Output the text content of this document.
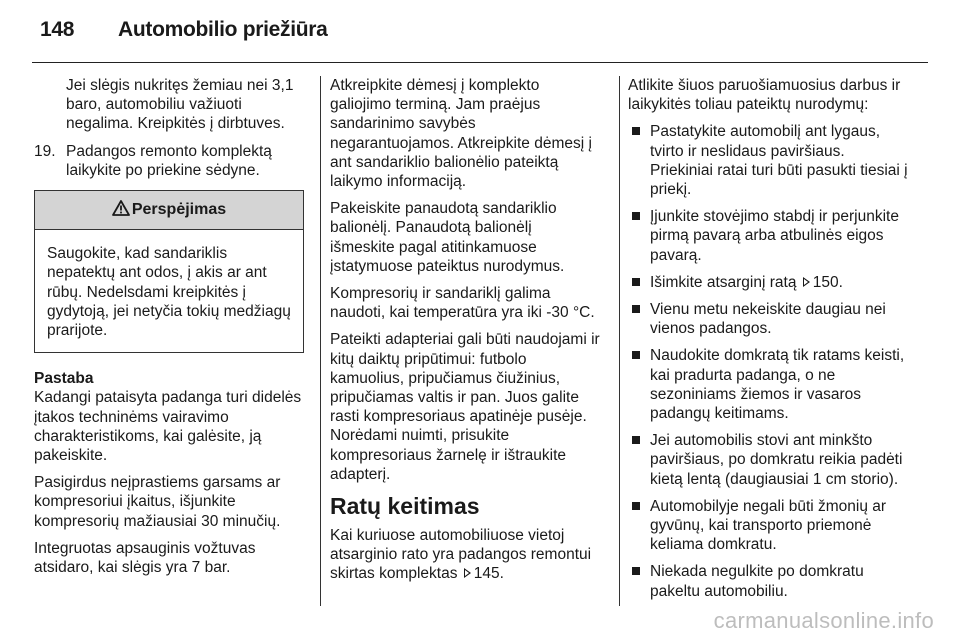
148 Automobilio priežiūra

Jei slėgis nukritęs žemiau nei 3,1 baro, automobiliu važiuoti negalima. Kreipkitės į dirbtuves.

19. Padangos remonto komplektą laikykite po priekine sėdyne.
Perspėjimas
Saugokite, kad sandariklis nepatektų ant odos, į akis ar ant rūbų. Nedelsdami kreipkitės į gydytoją, jei netyčia tokių medžiagų prarijote.
Pastaba

Kadangi pataisyta padanga turi didelės įtakos techninėms vairavimo charakteristikoms, kai galėsite, ją pakeiskite.

Pasigirdus neįprastiems garsams ar kompresoriui įkaitus, išjunkite kompresorių mažiausiai 30 minučių.

Integruotas apsauginis vožtuvas atsidaro, kai slėgis yra 7 bar.

Atkreipkite dėmesį į komplekto galiojimo terminą. Jam praėjus sandarinimo savybės negarantuojamos. Atkreipkite dėmesį į ant sandariklio balionėlio pateiktą laikymo informaciją.

Pakeiskite panaudotą sandariklio balionėlį. Panaudotą balionėlį išmeskite pagal atitinkamuose įstatymuose pateiktus nurodymus.

Kompresorių ir sandariklį galima naudoti, kai temperatūra yra iki -30 °C.

Pateikti adapteriai gali būti naudojami ir kitų daiktų pripūtimui: futbolo kamuolius, pripučiamus čiužinius, pripučiamas valtis ir pan. Juos galite rasti kompresoriaus apatinėje pusėje. Norėdami nuimti, prisukite kompresoriaus žarnelę ir ištraukite adapterį.

Ratų keitimas

Kai kuriuose automobiliuose vietoj atsarginio rato yra padangos remontui skirtas komplektas 145.

Atlikite šiuos paruošiamuosius darbus ir laikykitės toliau pateiktų nurodymų:

Pastatykite automobilį ant lygaus, tvirto ir neslidaus paviršiaus. Priekiniai ratai turi būti pasukti tiesiai į priekį.
Įjunkite stovėjimo stabdį ir perjunkite pirmą pavarą arba atbulinės eigos pavarą.
Išimkite atsarginį ratą 150.
Vienu metu nekeiskite daugiau nei vienos padangos.
Naudokite domkratą tik ratams keisti, kai pradurta padanga, o ne sezoniniams žiemos ir vasaros padangų keitimams.
Jei automobilis stovi ant minkšto paviršiaus, po domkratu reikia padėti kietą lentą (daugiausiai 1 cm storio).
Automobilyje negali būti žmonių ar gyvūnų, kai transporto priemonė keliama domkratu.
Niekada negulkite po domkratu pakeltu automobiliu.
carmanualsonline.info
